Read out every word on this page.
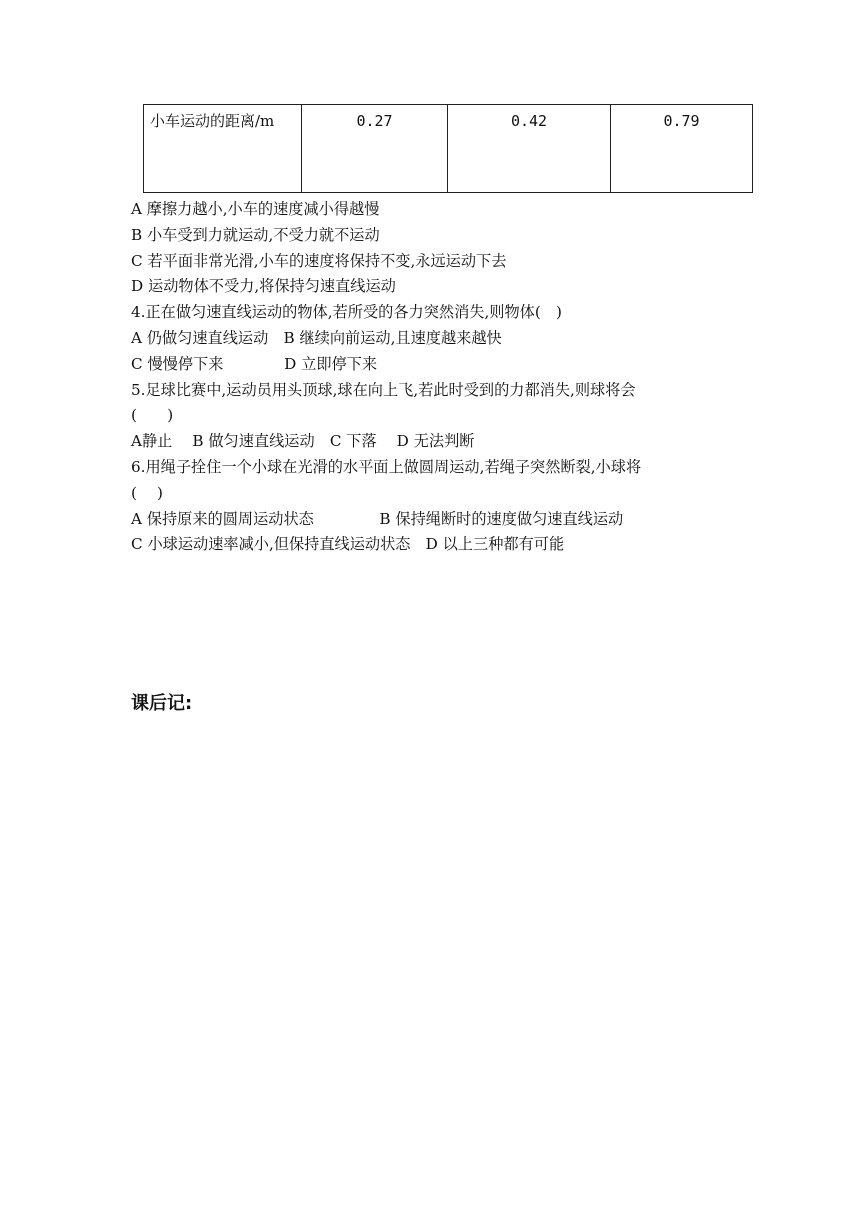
小车运动的距离/m	0.27	0.42	0.79
A 摩擦力越小,小车的速度减小得越慢
B 小车受到力就运动,不受力就不运动
C 若平面非常光滑,小车的速度将保持不变,永远运动下去
D 运动物体不受力,将保持匀速直线运动
4.正在做匀速直线运动的物体,若所受的各力突然消失,则物体(　)
A 仍做匀速直线运动　B 继续向前运动,且速度越来越快
C 慢慢停下来　　　　D 立即停下来
5.足球比赛中,运动员用头顶球,球在向上飞,若此时受到的力都消失,则球将会
(　　)
A静止　 B 做匀速直线运动　C 下落　 D 无法判断
6.用绳子拴住一个小球在光滑的水平面上做圆周运动,若绳子突然断裂,小球将
(　 )
A 保持原来的圆周运动状态　　　　 B 保持绳断时的速度做匀速直线运动
C 小球运动速率减小,但保持直线运动状态　D 以上三种都有可能
课后记:
